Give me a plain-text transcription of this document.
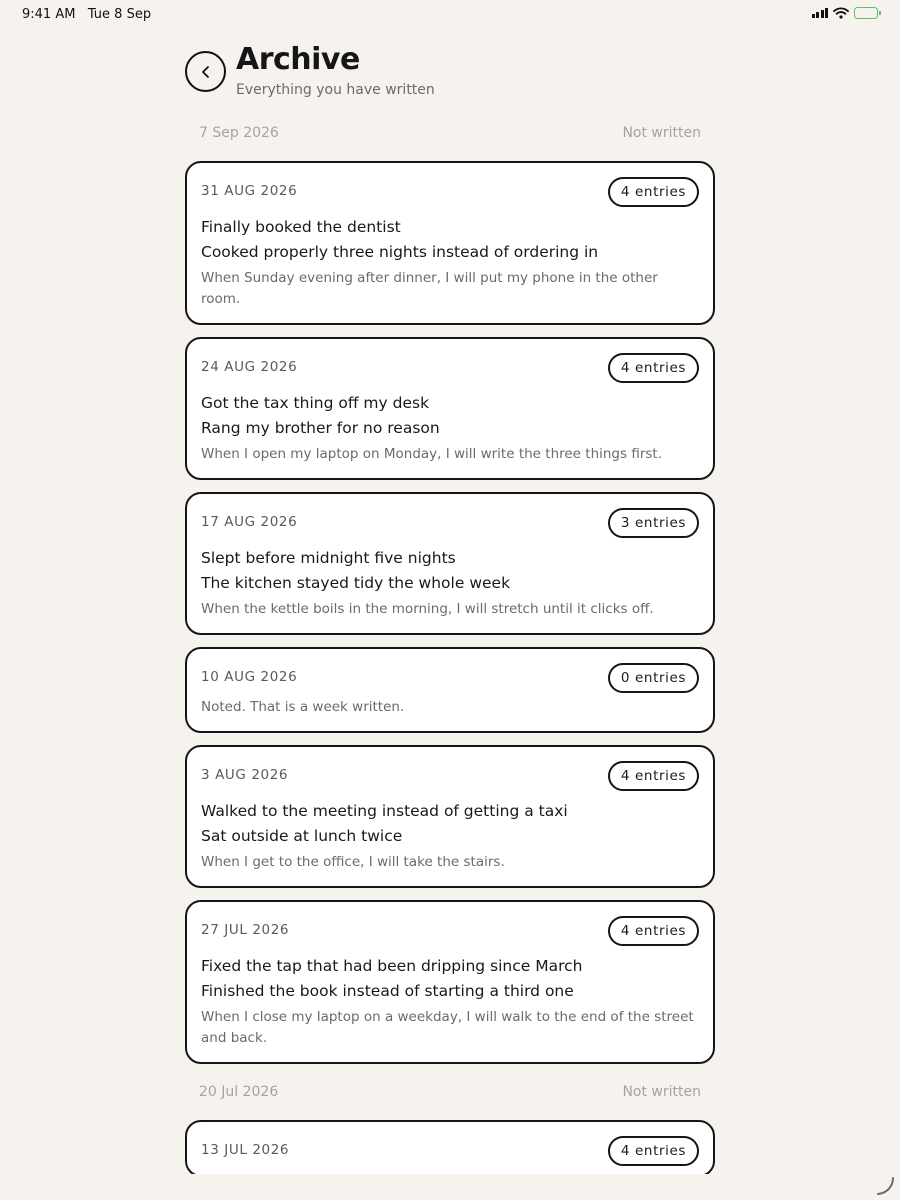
9:41 AM Tue 8 Sep
Archive
Everything you have written
7 Sep 2026	Not written
31 AUG 2026	4 entries
Finally booked the dentist
Cooked properly three nights instead of ordering in
When Sunday evening after dinner, I will put my phone in the other room.
24 AUG 2026	4 entries
Got the tax thing off my desk
Rang my brother for no reason
When I open my laptop on Monday, I will write the three things first.
17 AUG 2026	3 entries
Slept before midnight five nights
The kitchen stayed tidy the whole week
When the kettle boils in the morning, I will stretch until it clicks off.
10 AUG 2026	0 entries
Noted. That is a week written.
3 AUG 2026	4 entries
Walked to the meeting instead of getting a taxi
Sat outside at lunch twice
When I get to the office, I will take the stairs.
27 JUL 2026	4 entries
Fixed the tap that had been dripping since March
Finished the book instead of starting a third one
When I close my laptop on a weekday, I will walk to the end of the street and back.
20 Jul 2026	Not written
13 JUL 2026	4 entries
